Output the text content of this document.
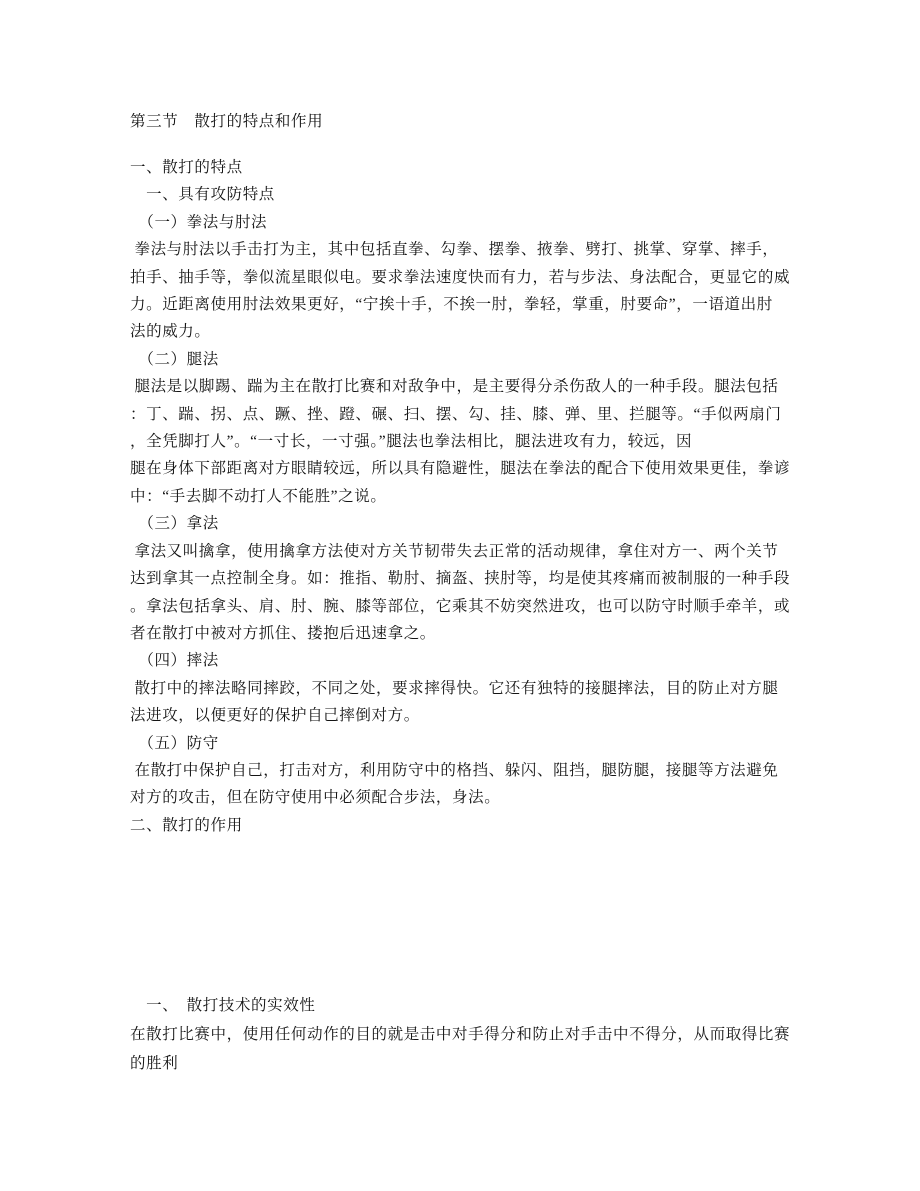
第三节　散打的特点和作用
一、散打的特点
　一、具有攻防特点
　（一）拳法与肘法
拳法与肘法以手击打为主，其中包括直拳、勾拳、摆拳、掖拳、劈打、挑掌、穿掌、摔手，
拍手、抽手等，拳似流星眼似电。要求拳法速度快而有力，若与步法、身法配合，更显它的威
力。近距离使用肘法效果更好，“宁挨十手，不挨一肘，拳轻，掌重，肘要命”，一语道出肘
法的威力。
　（二）腿法
腿法是以脚踢、踹为主在散打比赛和对敌争中，是主要得分杀伤敌人的一种手段。腿法包括
：丁、踹、拐、点、蹶、挫、蹬、碾、扫、摆、勾、挂、膝、弹、里、拦腿等。“手似两扇门
，全凭脚打人”。“一寸长，一寸强。”腿法也拳法相比，腿法进攻有力，较远，因
腿在身体下部距离对方眼睛较远，所以具有隐避性，腿法在拳法的配合下使用效果更佳，拳谚
中：“手去脚不动打人不能胜”之说。
　（三）拿法
拿法又叫擒拿，使用擒拿方法使对方关节韧带失去正常的活动规律，拿住对方一、两个关节
达到拿其一点控制全身。如：推指、勒肘、摘盔、挟肘等，均是使其疼痛而被制服的一种手段
。拿法包括拿头、肩、肘、腕、膝等部位，它乘其不妨突然进攻，也可以防守时顺手牵羊，或
者在散打中被对方抓住、搂抱后迅速拿之。
　（四）摔法
散打中的摔法略同摔跤，不同之处，要求摔得快。它还有独特的接腿摔法，目的防止对方腿
法进攻，以便更好的保护自己摔倒对方。
　（五）防守
在散打中保护自己，打击对方，利用防守中的格挡、躲闪、阻挡，腿防腿，接腿等方法避免
对方的攻击，但在防守使用中必须配合步法，身法。
二、散打的作用
　一、　散打技术的实效性
在散打比赛中，使用任何动作的目的就是击中对手得分和防止对手击中不得分，从而取得比赛
的胜利
